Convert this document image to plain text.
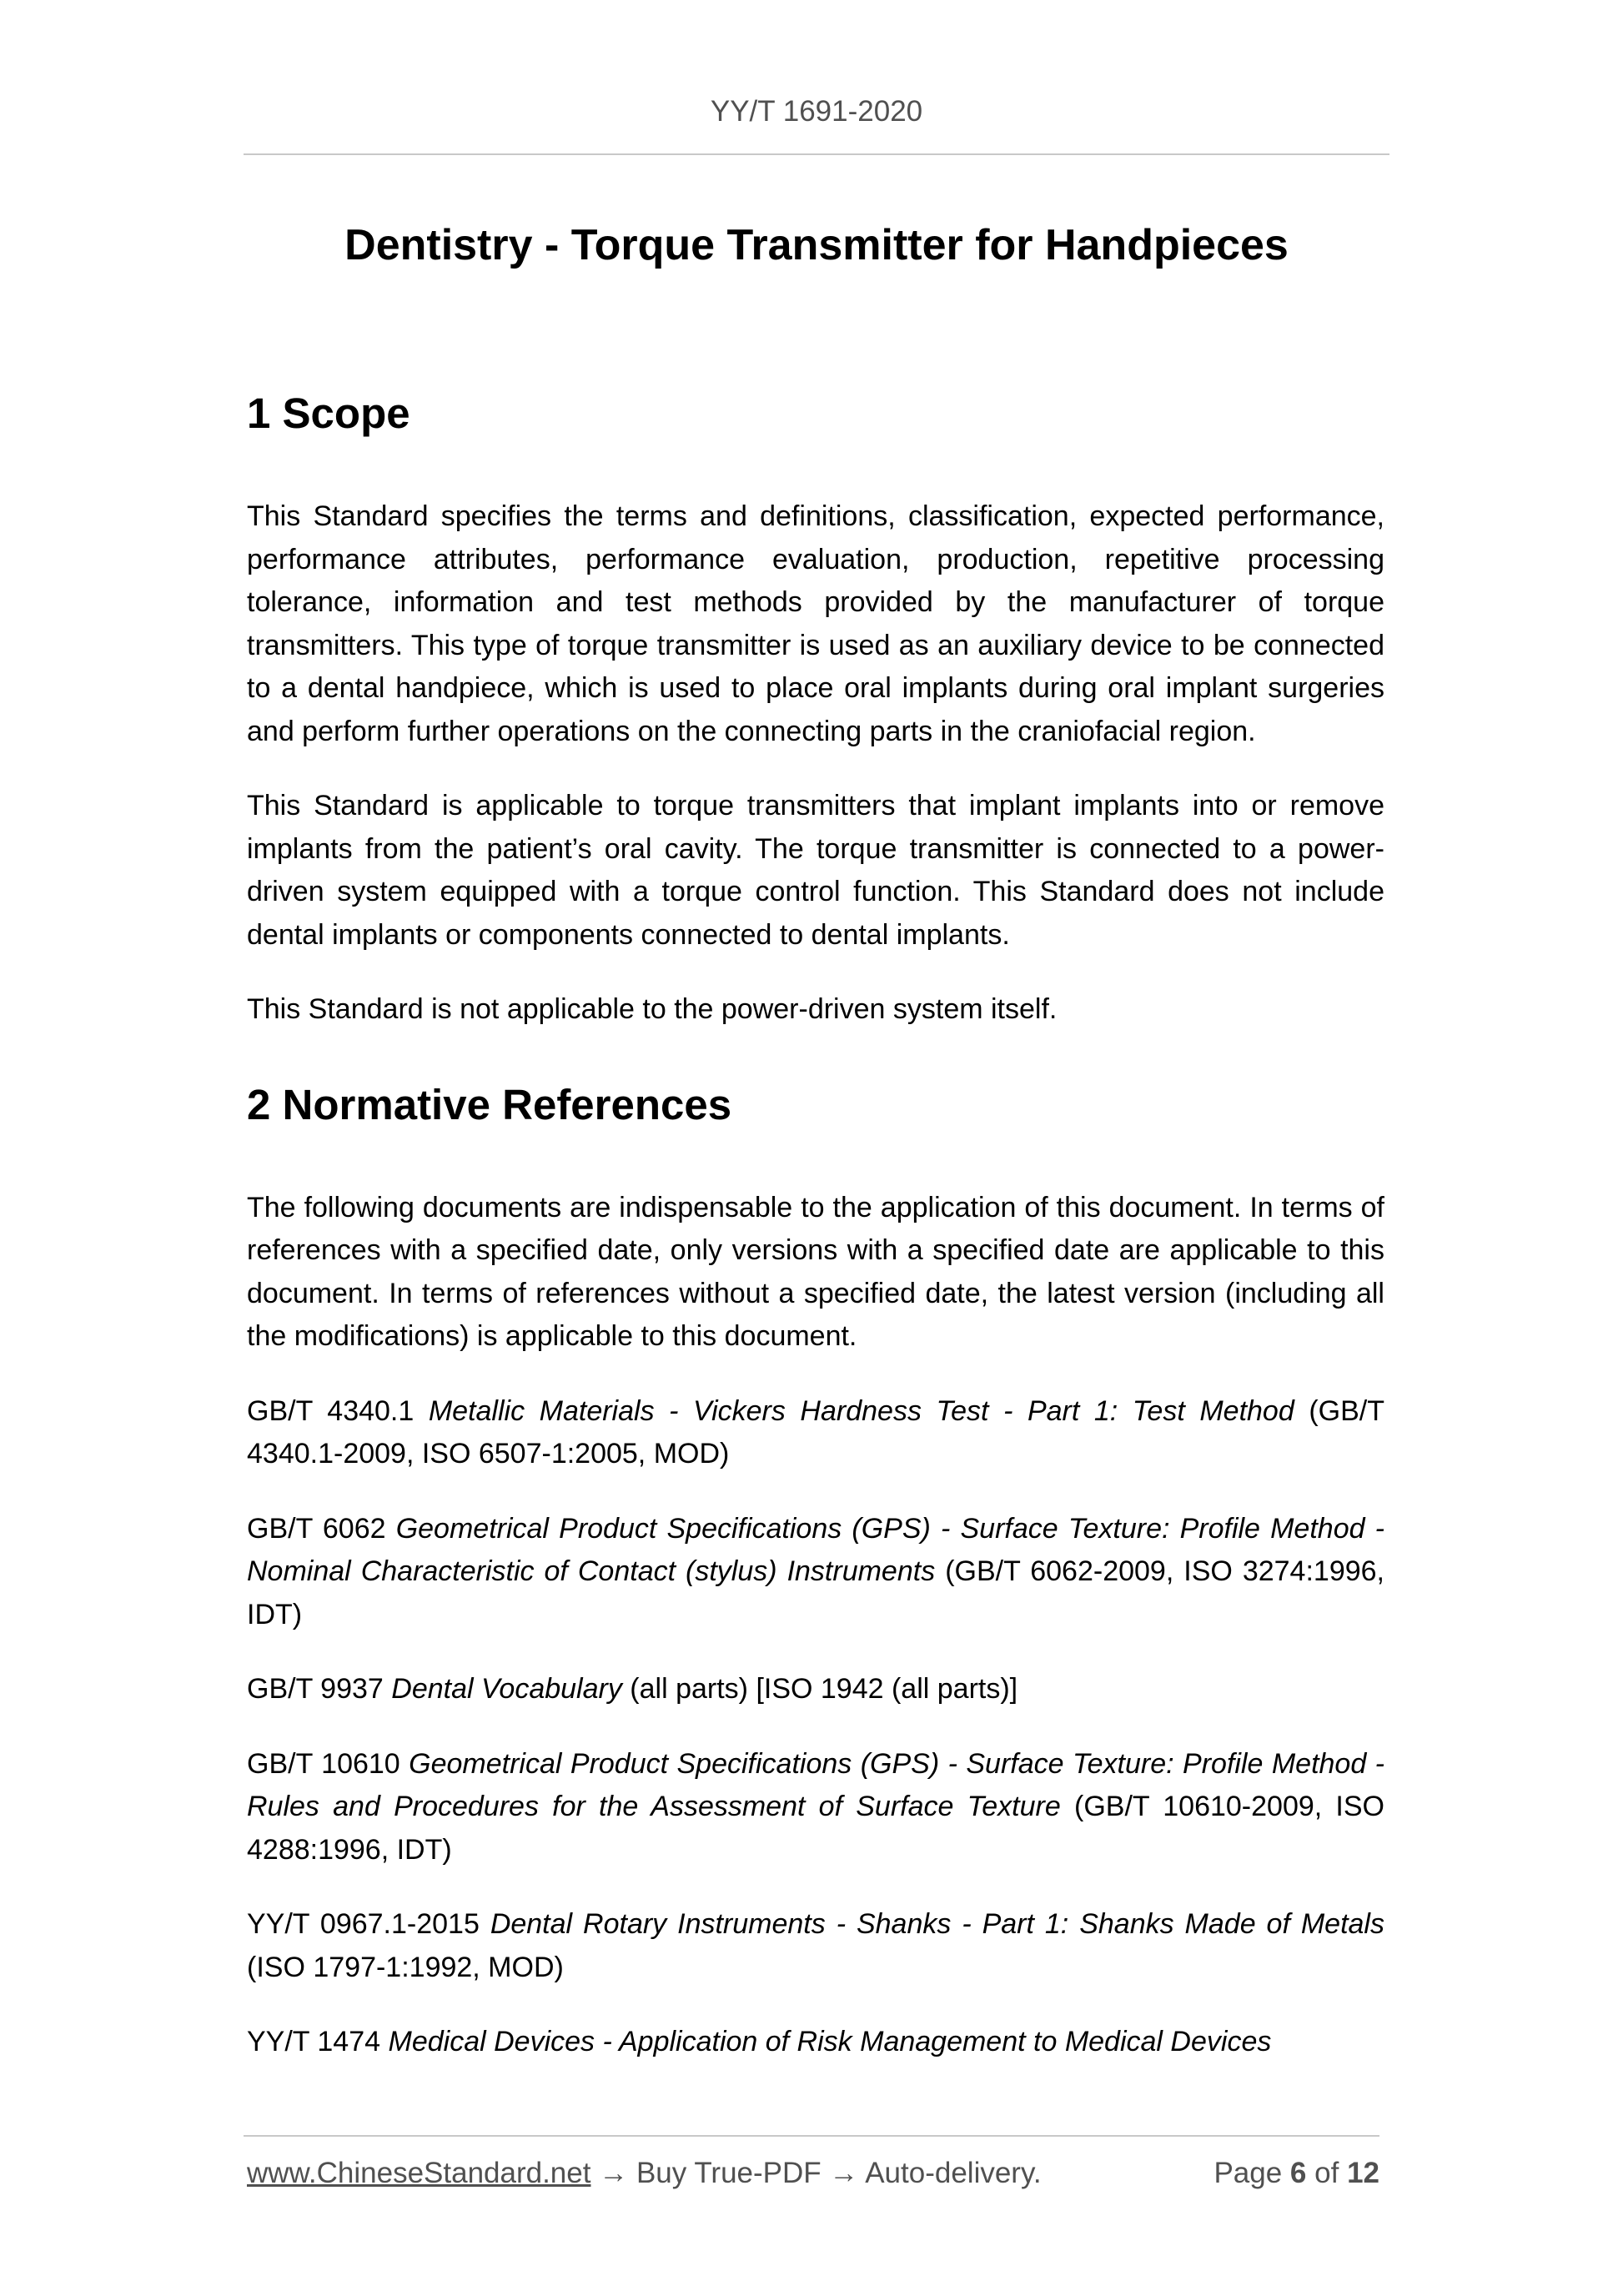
YY/T 1691-2020
Dentistry - Torque Transmitter for Handpieces
1 Scope

This Standard specifies the terms and definitions, classification, expected performance, performance attributes, performance evaluation, production, repetitive processing tolerance, information and test methods provided by the manufacturer of torque transmitters. This type of torque transmitter is used as an auxiliary device to be connected to a dental handpiece, which is used to place oral implants during oral implant surgeries and perform further operations on the connecting parts in the craniofacial region.

This Standard is applicable to torque transmitters that implant implants into or remove implants from the patient’s oral cavity. The torque transmitter is connected to a power-driven system equipped with a torque control function. This Standard does not include dental implants or components connected to dental implants.

This Standard is not applicable to the power-driven system itself.

2 Normative References

The following documents are indispensable to the application of this document. In terms of references with a specified date, only versions with a specified date are applicable to this document. In terms of references without a specified date, the latest version (including all the modifications) is applicable to this document.

GB/T 4340.1 Metallic Materials - Vickers Hardness Test - Part 1: Test Method (GB/T 4340.1-2009, ISO 6507-1:2005, MOD)

GB/T 6062 Geometrical Product Specifications (GPS) - Surface Texture: Profile Method - Nominal Characteristic of Contact (stylus) Instruments (GB/T 6062-2009, ISO 3274:1996, IDT)

GB/T 9937 Dental Vocabulary (all parts) [ISO 1942 (all parts)]

GB/T 10610 Geometrical Product Specifications (GPS) - Surface Texture: Profile Method - Rules and Procedures for the Assessment of Surface Texture (GB/T 10610-2009, ISO 4288:1996, IDT)

YY/T 0967.1-2015 Dental Rotary Instruments - Shanks - Part 1: Shanks Made of Metals (ISO 1797-1:1992, MOD)

YY/T 1474 Medical Devices - Application of Risk Management to Medical Devices

www.ChineseStandard.net → Buy True-PDF → Auto-delivery.	Page 6 of 12
